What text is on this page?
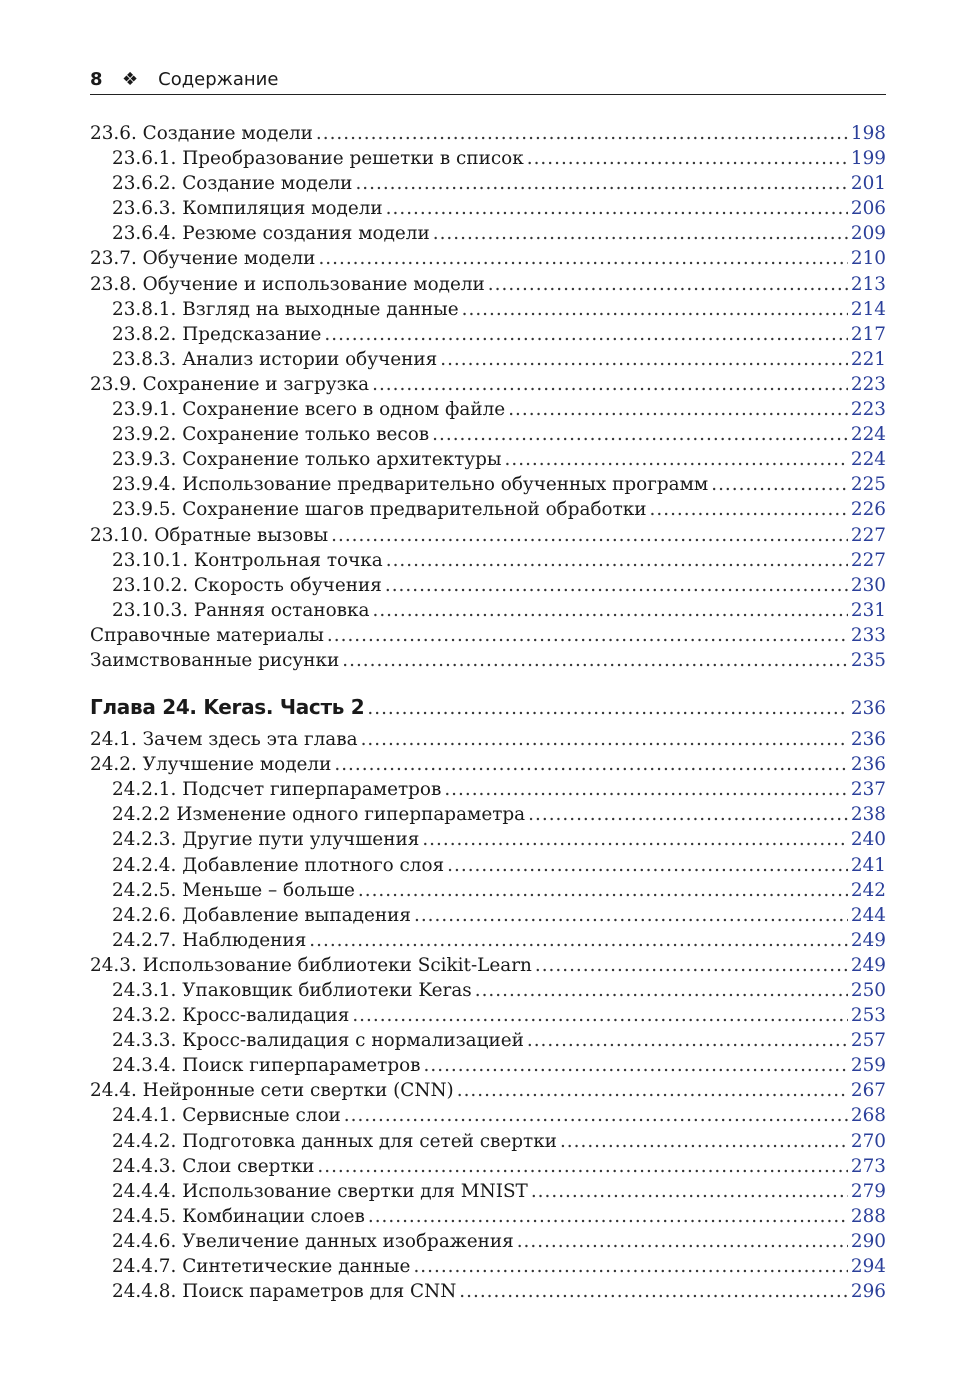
8	❖ Содержание
23.6. Создание модели .....	198
23.6.1. Преобразование решетки в список .....	199
23.6.2. Создание модели .....	201
23.6.3. Компиляция модели .....	206
23.6.4. Резюме создания модели .....	209
23.7. Обучение модели .....	210
23.8. Обучение и использование модели .....	213
23.8.1. Взгляд на выходные данные .....	214
23.8.2. Предсказание .....	217
23.8.3. Анализ истории обучения .....	221
23.9. Сохранение и загрузка .....	223
23.9.1. Сохранение всего в одном файле .....	223
23.9.2. Сохранение только весов .....	224
23.9.3. Сохранение только архитектуры .....	224
23.9.4. Использование предварительно обученных программ .....	225
23.9.5. Сохранение шагов предварительной обработки .....	226
23.10. Обратные вызовы .....	227
23.10.1. Контрольная точка .....	227
23.10.2. Скорость обучения .....	230
23.10.3. Ранняя остановка .....	231
Справочные материалы .....	233
Заимствованные рисунки .....	235
Глава 24. Keras. Часть 2 .....	236
24.1. Зачем здесь эта глава .....	236
24.2. Улучшение модели .....	236
24.2.1. Подсчет гиперпараметров .....	237
24.2.2 Изменение одного гиперпараметра .....	238
24.2.3. Другие пути улучшения .....	240
24.2.4. Добавление плотного слоя .....	241
24.2.5. Меньше – больше .....	242
24.2.6. Добавление выпадения .....	244
24.2.7. Наблюдения .....	249
24.3. Использование библиотеки Scikit-Learn .....	249
24.3.1. Упаковщик библиотеки Keras .....	250
24.3.2. Кросс-валидация .....	253
24.3.3. Кросс-валидация с нормализацией .....	257
24.3.4. Поиск гиперпараметров .....	259
24.4. Нейронные сети свертки (CNN) .....	267
24.4.1. Сервисные слои .....	268
24.4.2. Подготовка данных для сетей свертки .....	270
24.4.3. Слои свертки .....	273
24.4.4. Использование свертки для MNIST .....	279
24.4.5. Комбинации слоев .....	288
24.4.6. Увеличение данных изображения .....	290
24.4.7. Синтетические данные .....	294
24.4.8. Поиск параметров для CNN .....	296
